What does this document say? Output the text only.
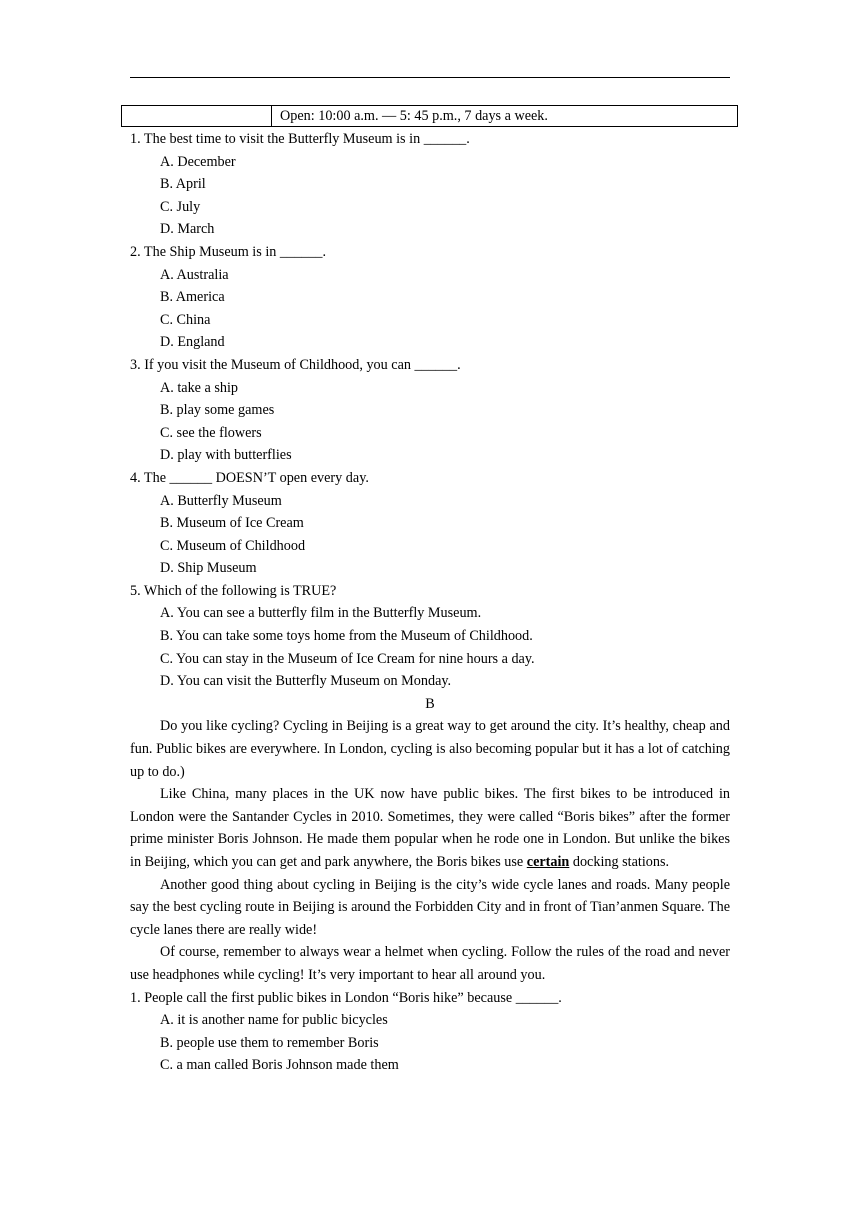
	Open: 10:00 a.m. — 5: 45 p.m., 7 days a week.

1. The best time to visit the Butterfly Museum is in ______.

A. December

B. April

C. July

D. March

2. The Ship Museum is in ______.

A. Australia

B. America

C. China

D. England

3. If you visit the Museum of Childhood, you can ______.

A. take a ship

B. play some games

C. see the flowers

D. play with butterflies

4. The ______ DOESN’T open every day.

A. Butterfly Museum

B. Museum of Ice Cream

C. Museum of Childhood

D. Ship Museum

5. Which of the following is TRUE?

A. You can see a butterfly film in the Butterfly Museum.

B. You can take some toys home from the Museum of Childhood.

C. You can stay in the Museum of Ice Cream for nine hours a day.

D. You can visit the Butterfly Museum on Monday.

B

Do you like cycling? Cycling in Beijing is a great way to get around the city. It’s healthy, cheap and fun. Public bikes are everywhere. In London, cycling is also becoming popular but it has a lot of catching up to do.)

Like China, many places in the UK now have public bikes. The first bikes to be introduced in London were the Santander Cycles in 2010. Sometimes, they were called “Boris bikes” after the former prime minister Boris Johnson. He made them popular when he rode one in London. But unlike the bikes in Beijing, which you can get and park anywhere, the Boris bikes use certain docking stations.

Another good thing about cycling in Beijing is the city’s wide cycle lanes and roads. Many people say the best cycling route in Beijing is around the Forbidden City and in front of Tian’anmen Square. The cycle lanes there are really wide!

Of course, remember to always wear a helmet when cycling. Follow the rules of the road and never use headphones while cycling! It’s very important to hear all around you.

1. People call the first public bikes in London “Boris hike” because ______.

A. it is another name for public bicycles

B. people use them to remember Boris

C. a man called Boris Johnson made them
